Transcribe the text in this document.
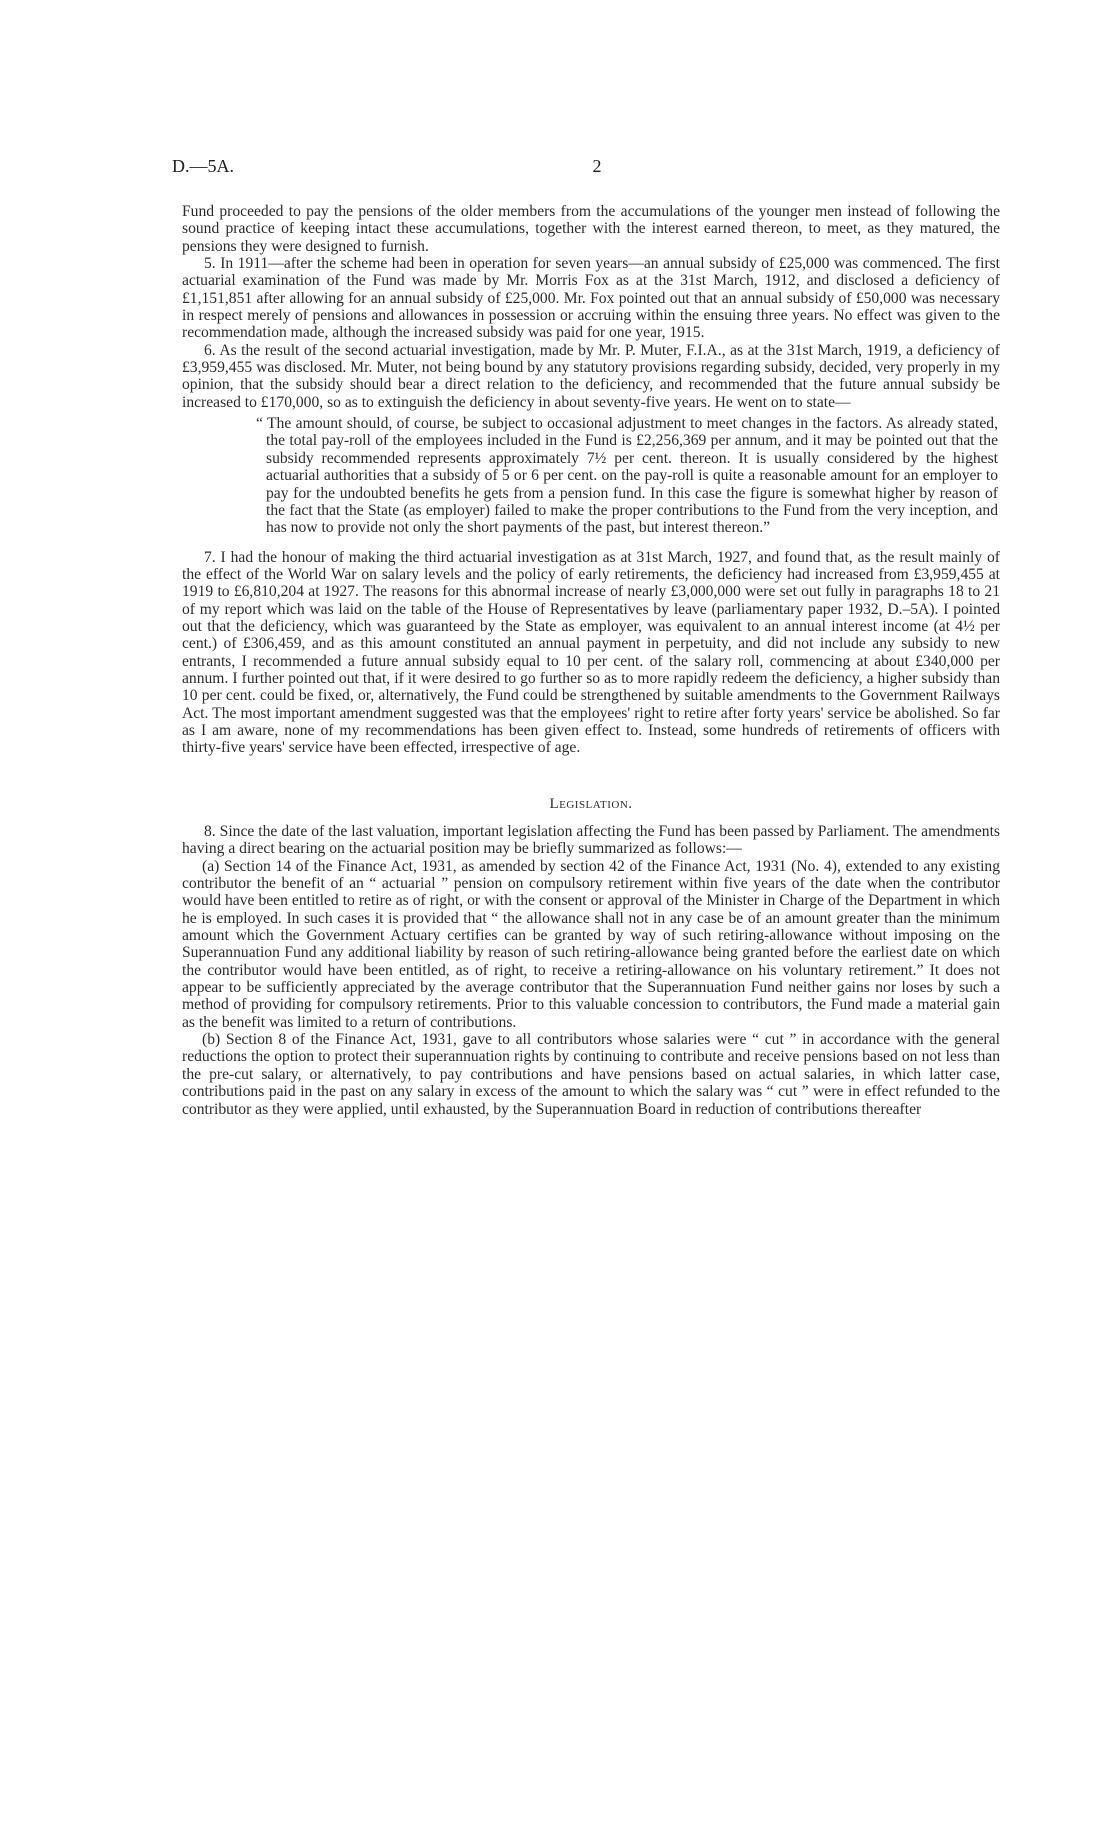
D.—5A.	2

Fund proceeded to pay the pensions of the older members from the accumulations of the younger men instead of following the sound practice of keeping intact these accumulations, together with the interest earned thereon, to meet, as they matured, the pensions they were designed to furnish.

5. In 1911—after the scheme had been in operation for seven years—an annual subsidy of £25,000 was commenced. The first actuarial examination of the Fund was made by Mr. Morris Fox as at the 31st March, 1912, and disclosed a deficiency of £1,151,851 after allowing for an annual subsidy of £25,000. Mr. Fox pointed out that an annual subsidy of £50,000 was necessary in respect merely of pensions and allowances in possession or accruing within the ensuing three years. No effect was given to the recommendation made, although the increased subsidy was paid for one year, 1915.

6. As the result of the second actuarial investigation, made by Mr. P. Muter, F.I.A., as at the 31st March, 1919, a deficiency of £3,959,455 was disclosed. Mr. Muter, not being bound by any statutory provisions regarding subsidy, decided, very properly in my opinion, that the subsidy should bear a direct relation to the deficiency, and recommended that the future annual subsidy be increased to £170,000, so as to extinguish the deficiency in about seventy-five years. He went on to state—

“ The amount should, of course, be subject to occasional adjustment to meet changes in the factors. As already stated, the total pay-roll of the employees included in the Fund is £2,256,369 per annum, and it may be pointed out that the subsidy recommended represents approximately 7½ per cent. thereon. It is usually considered by the highest actuarial authorities that a subsidy of 5 or 6 per cent. on the pay-roll is quite a reasonable amount for an employer to pay for the undoubted benefits he gets from a pension fund. In this case the figure is somewhat higher by reason of the fact that the State (as employer) failed to make the proper contributions to the Fund from the very inception, and has now to provide not only the short payments of the past, but interest thereon.”

7. I had the honour of making the third actuarial investigation as at 31st March, 1927, and found that, as the result mainly of the effect of the World War on salary levels and the policy of early retirements, the deficiency had increased from £3,959,455 at 1919 to £6,810,204 at 1927. The reasons for this abnormal increase of nearly £3,000,000 were set out fully in paragraphs 18 to 21 of my report which was laid on the table of the House of Representatives by leave (parliamentary paper 1932, D.–5A). I pointed out that the deficiency, which was guaranteed by the State as employer, was equivalent to an annual interest income (at 4½ per cent.) of £306,459, and as this amount constituted an annual payment in perpetuity, and did not include any subsidy to new entrants, I recommended a future annual subsidy equal to 10 per cent. of the salary roll, commencing at about £340,000 per annum. I further pointed out that, if it were desired to go further so as to more rapidly redeem the deficiency, a higher subsidy than 10 per cent. could be fixed, or, alternatively, the Fund could be strengthened by suitable amendments to the Government Railways Act. The most important amendment suggested was that the employees' right to retire after forty years' service be abolished. So far as I am aware, none of my recommendations has been given effect to. Instead, some hundreds of retirements of officers with thirty-five years' service have been effected, irrespective of age.

Legislation.

8. Since the date of the last valuation, important legislation affecting the Fund has been passed by Parliament. The amendments having a direct bearing on the actuarial position may be briefly summarized as follows:—

(a) Section 14 of the Finance Act, 1931, as amended by section 42 of the Finance Act, 1931 (No. 4), extended to any existing contributor the benefit of an “ actuarial ” pension on compulsory retirement within five years of the date when the contributor would have been entitled to retire as of right, or with the consent or approval of the Minister in Charge of the Department in which he is employed. In such cases it is provided that “ the allowance shall not in any case be of an amount greater than the minimum amount which the Government Actuary certifies can be granted by way of such retiring-allowance without imposing on the Superannuation Fund any additional liability by reason of such retiring-allowance being granted before the earliest date on which the contributor would have been entitled, as of right, to receive a retiring-allowance on his voluntary retirement.” It does not appear to be sufficiently appreciated by the average contributor that the Superannuation Fund neither gains nor loses by such a method of providing for compulsory retirements. Prior to this valuable concession to contributors, the Fund made a material gain as the benefit was limited to a return of contributions.

(b) Section 8 of the Finance Act, 1931, gave to all contributors whose salaries were “ cut ” in accordance with the general reductions the option to protect their superannuation rights by continuing to contribute and receive pensions based on not less than the pre-cut salary, or alternatively, to pay contributions and have pensions based on actual salaries, in which latter case, contributions paid in the past on any salary in excess of the amount to which the salary was “ cut ” were in effect refunded to the contributor as they were applied, until exhausted, by the Superannuation Board in reduction of contributions thereafter
